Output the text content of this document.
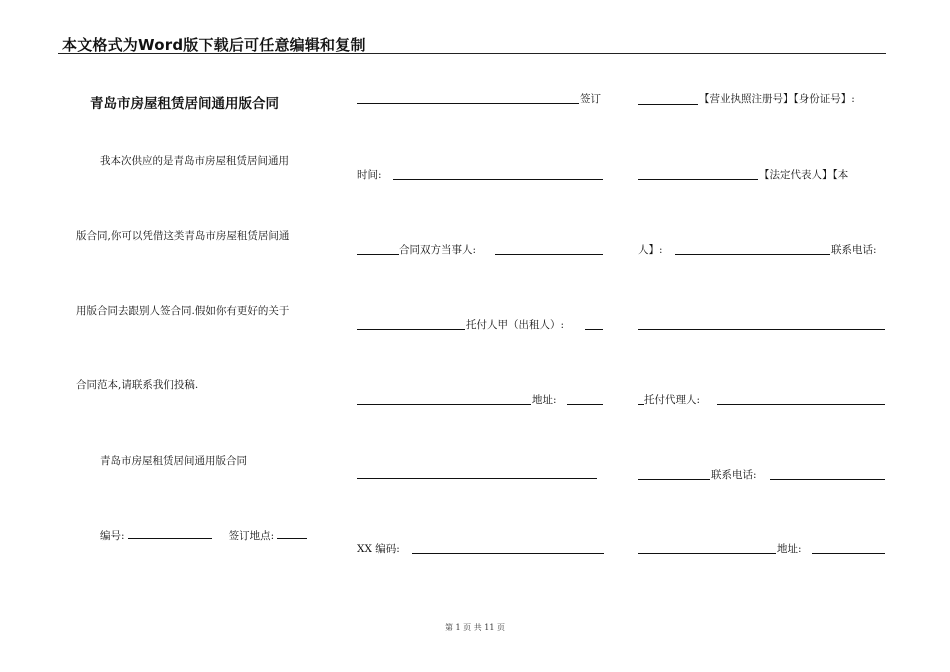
本文格式为Word版下载后可任意编辑和复制
青岛市房屋租赁居间通用版合同
我本次供应的是青岛市房屋租赁居间通用
版合同,你可以凭借这类青岛市房屋租赁居间通
用版合同去跟别人签合同.假如你有更好的关于
合同范本,请联系我们投稿.
青岛市房屋租赁居间通用版合同
编号:	签订地点:
签订
时间:
合同双方当事人:
托付人甲（出租人）:
地址:
XX 编码:
【营业执照注册号】【身份证号】:
【法定代表人】【本
人】:	联系电话:
托付代理人:
联系电话:
地址:
第 1 页 共 11 页
